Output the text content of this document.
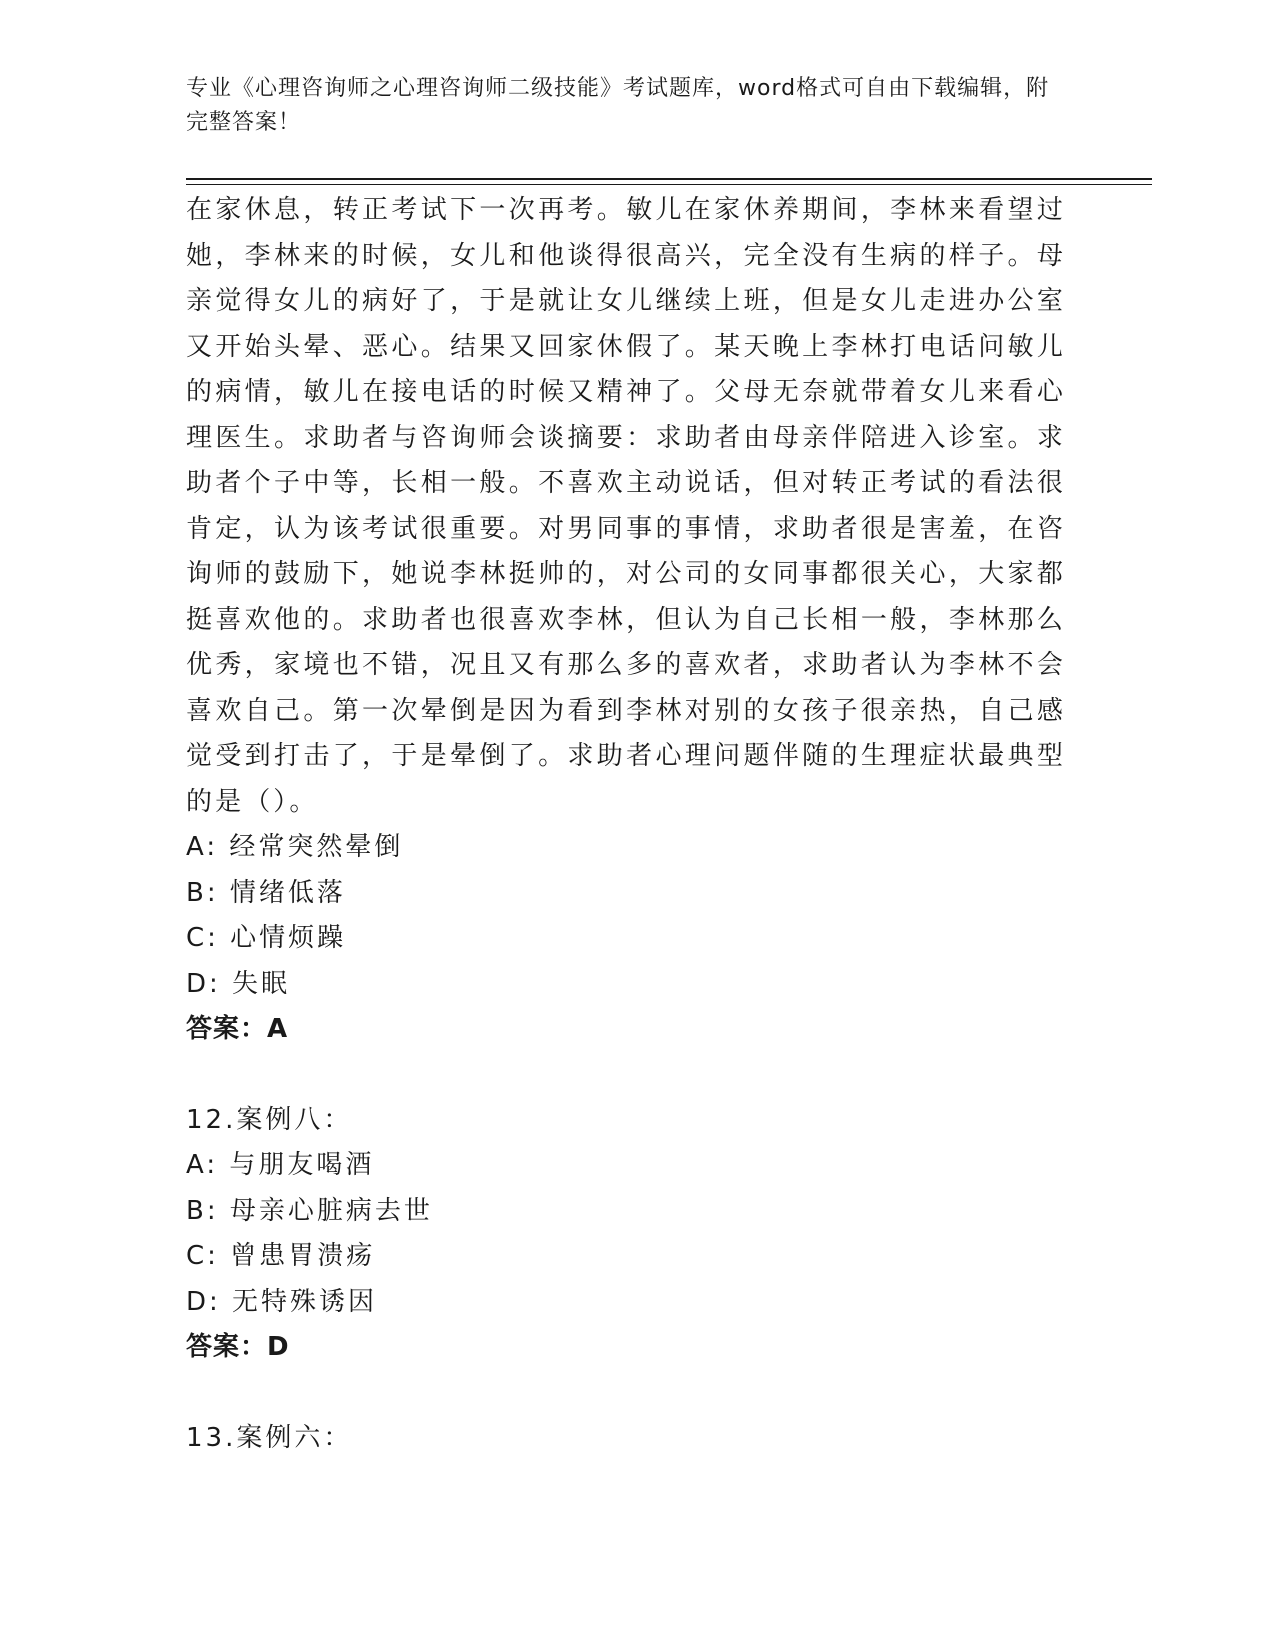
专业《心理咨询师之心理咨询师二级技能》考试题库，word格式可自由下载编辑，附完整答案！

在家休息，转正考试下一次再考。敏儿在家休养期间，李林来看望过她，李林来的时候，女儿和他谈得很高兴，完全没有生病的样子。母亲觉得女儿的病好了，于是就让女儿继续上班，但是女儿走进办公室又开始头晕、恶心。结果又回家休假了。某天晚上李林打电话问敏儿的病情，敏儿在接电话的时候又精神了。父母无奈就带着女儿来看心理医生。求助者与咨询师会谈摘要：求助者由母亲伴陪进入诊室。求助者个子中等，长相一般。不喜欢主动说话，但对转正考试的看法很肯定，认为该考试很重要。对男同事的事情，求助者很是害羞，在咨询师的鼓励下，她说李林挺帅的，对公司的女同事都很关心，大家都挺喜欢他的。求助者也很喜欢李林，但认为自己长相一般，李林那么优秀，家境也不错，况且又有那么多的喜欢者，求助者认为李林不会喜欢自己。第一次晕倒是因为看到李林对别的女孩子很亲热，自己感觉受到打击了，于是晕倒了。求助者心理问题伴随的生理症状最典型的是（）。

A: 经常突然晕倒
B: 情绪低落
C: 心情烦躁
D: 失眠
答案：A
12.案例八：
A: 与朋友喝酒
B: 母亲心脏病去世
C: 曾患胃溃疡
D: 无特殊诱因
答案：D
13.案例六：
